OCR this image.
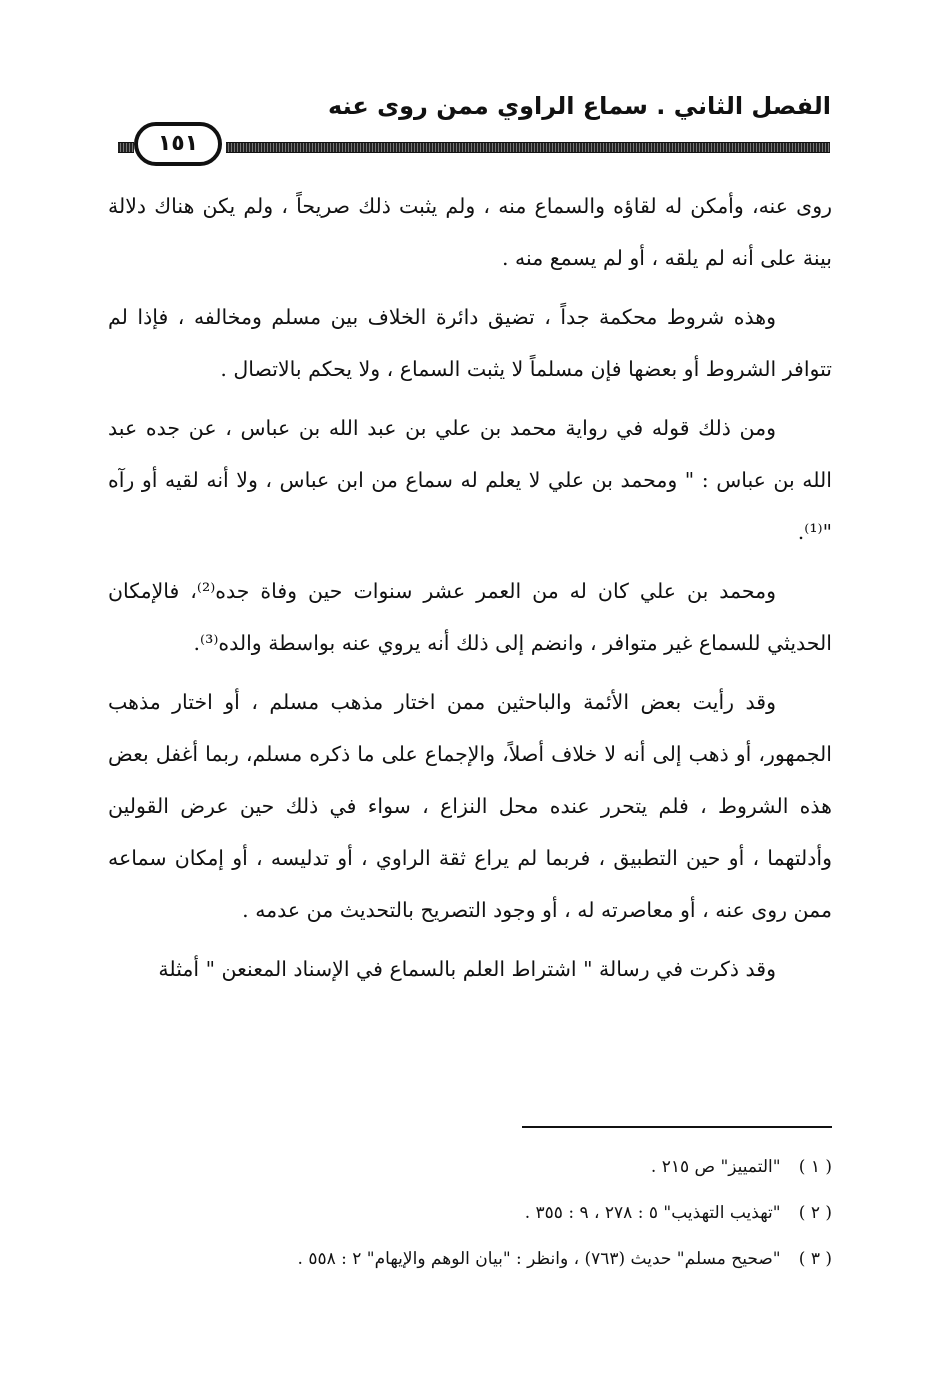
الفصل الثاني . سماع الراوي ممن روى عنه
١٥١

روى عنه، وأمكن له لقاؤه والسماع منه ، ولم يثبت ذلك صريحاً ، ولم يكن هناك دلالة بينة على أنه لم يلقه ، أو لم يسمع منه .

وهذه شروط محكمة جداً ، تضيق دائرة الخلاف بين مسلم ومخالفه ، فإذا لم تتوافر الشروط أو بعضها فإن مسلماً لا يثبت السماع ، ولا يحكم بالاتصال .

ومن ذلك قوله في رواية محمد بن علي بن عبد الله بن عباس ، عن جده عبد الله بن عباس : " ومحمد بن علي لا يعلم له سماع من ابن عباس ، ولا أنه لقيه أو رآه "⁽¹⁾.

ومحمد بن علي كان له من العمر عشر سنوات حين وفاة جده⁽²⁾، فالإمكان الحديثي للسماع غير متوافر ، وانضم إلى ذلك أنه يروي عنه بواسطة والده⁽³⁾.

وقد رأيت بعض الأئمة والباحثين ممن اختار مذهب مسلم ، أو اختار مذهب الجمهور، أو ذهب إلى أنه لا خلاف أصلاً، والإجماع على ما ذكره مسلم، ربما أغفل بعض هذه الشروط ، فلم يتحرر عنده محل النزاع ، سواء في ذلك حين عرض القولين وأدلتهما ، أو حين التطبيق ، فربما لم يراع ثقة الراوي ، أو تدليسه ، أو إمكان سماعه ممن روى عنه ، أو معاصرته له ، أو وجود التصريح بالتحديث من عدمه .

وقد ذكرت في رسالة " اشتراط العلم بالسماع في الإسناد المعنعن " أمثلة

( ١ ) "التمييز" ص ٢١٥ .
( ٢ ) "تهذيب التهذيب" ٥ : ٢٧٨ ، ٩ : ٣٥٥ .
( ٣ ) "صحيح مسلم" حديث (٧٦٣) ، وانظر : "بيان الوهم والإيهام" ٢ : ٥٥٨ .
